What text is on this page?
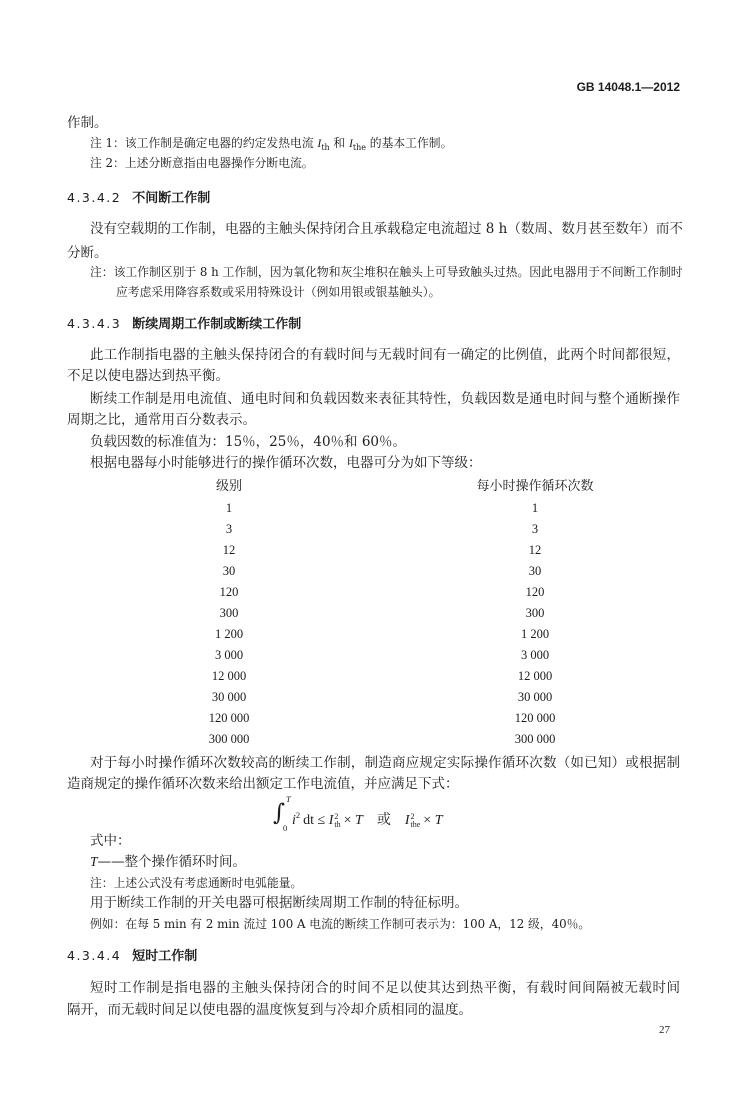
GB 14048.1—2012
作制。
注 1：该工作制是确定电器的约定发热电流 $I_{th}$ 和 $I_{the}$ 的基本工作制。
注 2：上述分断意指由电器操作分断电流。
4.3.4.2 不间断工作制
没有空载期的工作制，电器的主触头保持闭合且承载稳定电流超过 8 h（数周、数月甚至数年）而不
分断。
注：该工作制区别于 8 h 工作制，因为氧化物和灰尘堆积在触头上可导致触头过热。因此电器用于不间断工作制时
应考虑采用降容系数或采用特殊设计（例如用银或银基触头）。
4.3.4.3 断续周期工作制或断续工作制
此工作制指电器的主触头保持闭合的有载时间与无载时间有一确定的比例值，此两个时间都很短，
不足以使电器达到热平衡。
断续工作制是用电流值、通电时间和负载因数来表征其特性，负载因数是通电时间与整个通断操作
周期之比，通常用百分数表示。
负载因数的标准值为：15％，25％，40％和 60％。
根据电器每小时能够进行的操作循环次数，电器可分为如下等级：
级别	每小时操作循环次数
1	1
3	3
12	12
30	30
120	120
300	300
1 200	1 200
3 000	3 000
12 000	12 000
30 000	30 000
120 000	120 000
300 000	300 000
对于每小时操作循环次数较高的断续工作制，制造商应规定实际操作循环次数（如已知）或根据制
造商规定的操作循环次数来给出额定工作电流值，并应满足下式：
∫
T
0 $i^2$ dt ≤ I 2
th × T 或 I 2
the × T
式中：
T——整个操作循环时间。
注：上述公式没有考虑通断时电弧能量。
用于断续工作制的开关电器可根据断续周期工作制的特征标明。
例如：在每 5 min 有 2 min 流过 100 A 电流的断续工作制可表示为：100 A，12 级，40％。
4.3.4.4 短时工作制
短时工作制是指电器的主触头保持闭合的时间不足以使其达到热平衡，有载时间间隔被无载时间
隔开，而无载时间足以使电器的温度恢复到与冷却介质相同的温度。
27
